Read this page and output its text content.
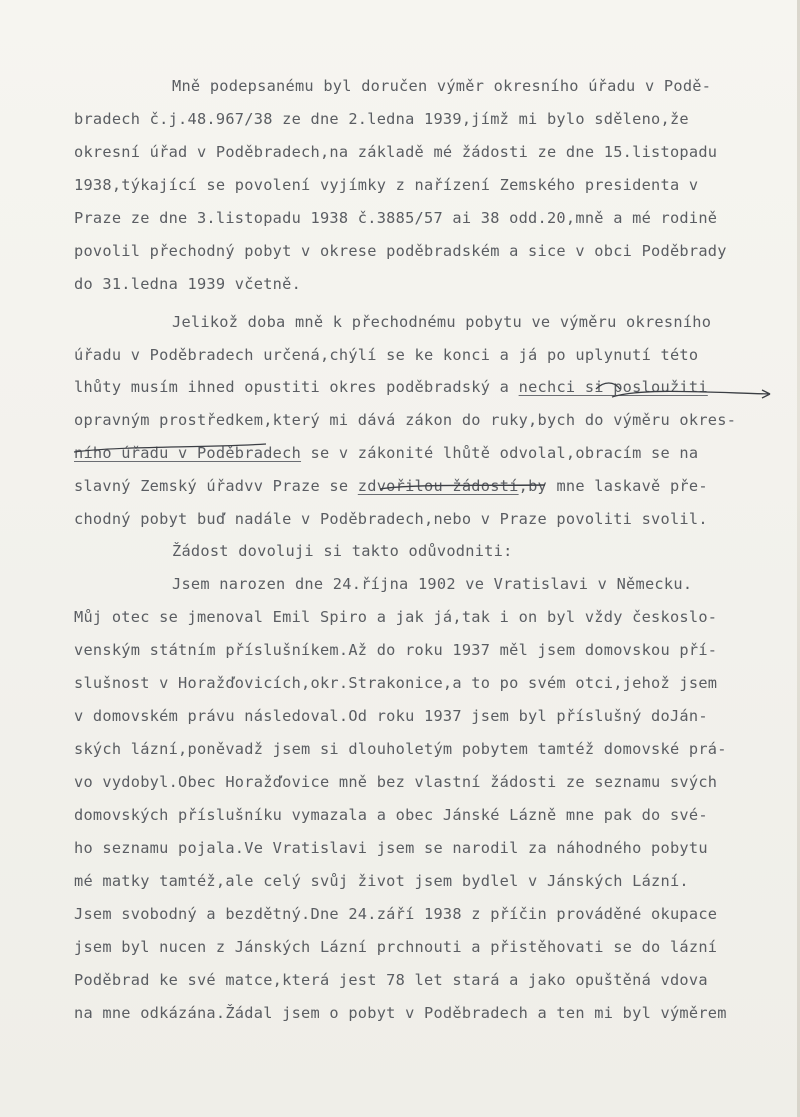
Mně podepsanému byl doručen výměr okresního úřadu v Podě-
bradech č.j.48.967/38 ze dne 2.ledna 1939,jímž mi bylo sděleno,že
okresní úřad v Poděbradech,na základě mé žádosti ze dne 15.listopadu
1938,týkající se povolení vyjímky z nařízení Zemského presidenta v
Praze ze dne 3.listopadu 1938 č.3885/57 ai 38 odd.20,mně a mé rodině
povolil přechodný pobyt v okrese poděbradském a sice v obci Poděbrady
do 31.ledna 1939 včetně.
Jelikož doba mně k přechodnému pobytu ve výměru okresního
úřadu v Poděbradech určená,chýlí se ke konci a já po uplynutí této
lhůty musím ihned opustiti okres poděbradský a nechci si posloužiti
opravným prostředkem,který mi dává zákon do ruky,bych do výměru okres-
ního úřadu v Poděbradech se v zákonité lhůtě odvolal,obracím se na
slavný Zemský úřadvv Praze se zdvořilou žádostí,by mne laskavě pře-
chodný pobyt buď nadále v Poděbradech,nebo v Praze povoliti svolil.
Žádost dovoluji si takto odůvodniti:
Jsem narozen dne 24.října 1902 ve Vratislavi v Německu.
Můj otec se jmenoval Emil Spiro a jak já,tak i on byl vždy českoslo-
venským státním příslušníkem.Až do roku 1937 měl jsem domovskou pří-
slušnost v Horažďovicích,okr.Strakonice,a to po svém otci,jehož jsem
v domovském právu následoval.Od roku 1937 jsem byl příslušný doJán-
ských lázní,poněvadž jsem si dlouholetým pobytem tamtéž domovské prá-
vo vydobyl.Obec Horažďovice mně bez vlastní žádosti ze seznamu svých
domovských příslušníku vymazala a obec Jánské Lázně mne pak do své-
ho seznamu pojala.Ve Vratislavi jsem se narodil za náhodného pobytu
mé matky tamtéž,ale celý svůj život jsem bydlel v Jánských Lázní.
Jsem svobodný a bezdětný.Dne 24.září 1938 z příčin prováděné okupace
jsem byl nucen z Jánských Lázní prchnouti a přistěhovati se do lázní
Poděbrad ke své matce,která jest 78 let stará a jako opuštěná vdova
na mne odkázána.Žádal jsem o pobyt v Poděbradech a ten mi byl výměrem
